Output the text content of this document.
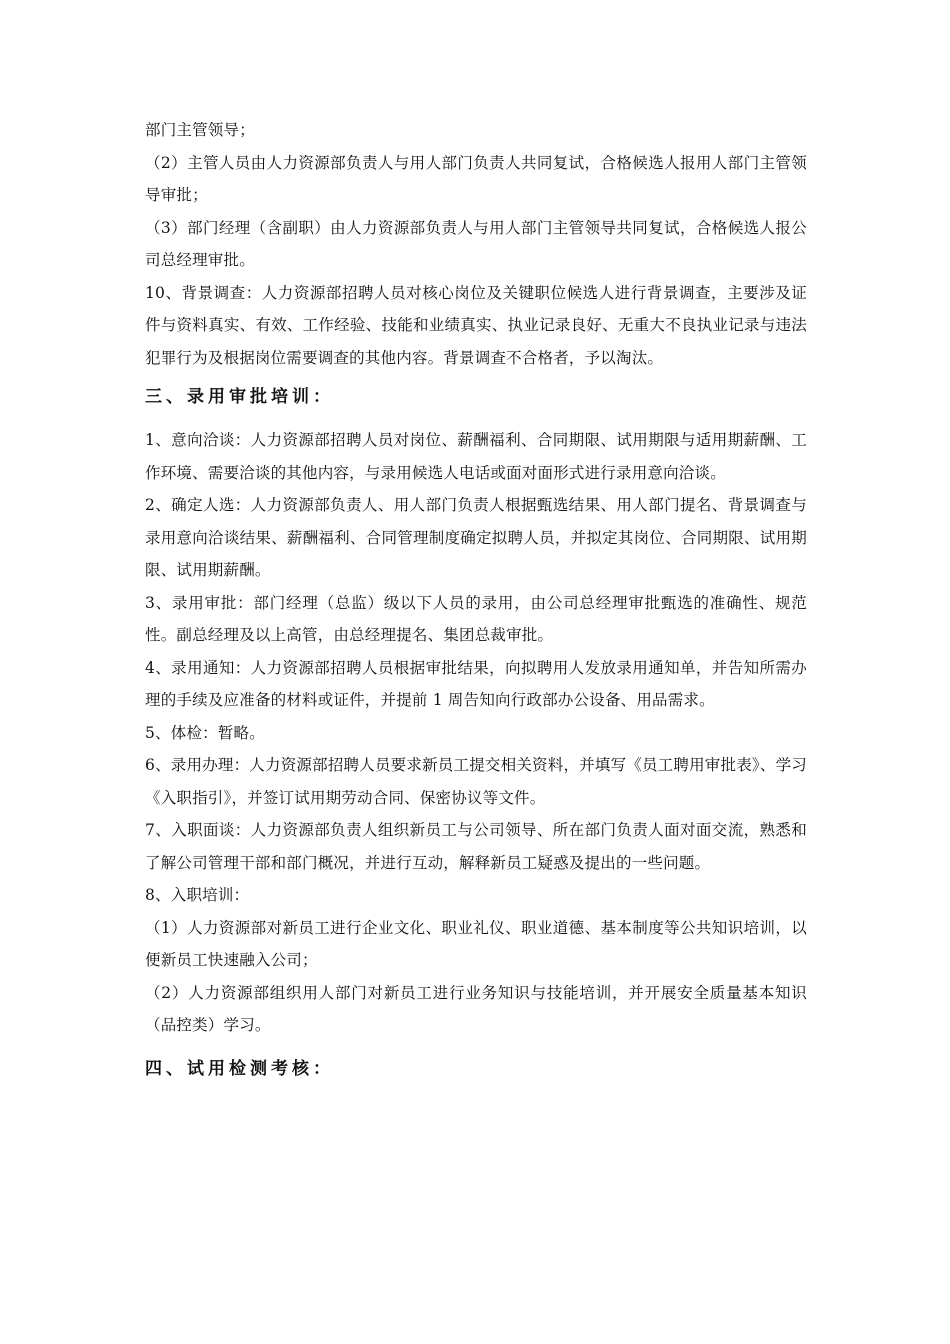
部门主管领导；

（2）主管人员由人力资源部负责人与用人部门负责人共同复试，合格候选人报用人部门主管领导审批；

（3）部门经理（含副职）由人力资源部负责人与用人部门主管领导共同复试，合格候选人报公司总经理审批。

10、背景调查：人力资源部招聘人员对核心岗位及关键职位候选人进行背景调查，主要涉及证件与资料真实、有效、工作经验、技能和业绩真实、执业记录良好、无重大不良执业记录与违法犯罪行为及根据岗位需要调查的其他内容。背景调查不合格者，予以淘汰。

三、录用审批培训：

1、意向洽谈：人力资源部招聘人员对岗位、薪酬福利、合同期限、试用期限与适用期薪酬、工作环境、需要洽谈的其他内容，与录用候选人电话或面对面形式进行录用意向洽谈。

2、确定人选：人力资源部负责人、用人部门负责人根据甄选结果、用人部门提名、背景调查与录用意向洽谈结果、薪酬福利、合同管理制度确定拟聘人员，并拟定其岗位、合同期限、试用期限、试用期薪酬。

3、录用审批：部门经理（总监）级以下人员的录用，由公司总经理审批甄选的准确性、规范性。副总经理及以上高管，由总经理提名、集团总裁审批。

4、录用通知：人力资源部招聘人员根据审批结果，向拟聘用人发放录用通知单，并告知所需办理的手续及应准备的材料或证件，并提前 1 周告知向行政部办公设备、用品需求。

5、体检：暂略。

6、录用办理：人力资源部招聘人员要求新员工提交相关资料，并填写《员工聘用审批表》、学习《入职指引》，并签订试用期劳动合同、保密协议等文件。

7、入职面谈：人力资源部负责人组织新员工与公司领导、所在部门负责人面对面交流，熟悉和了解公司管理干部和部门概况，并进行互动，解释新员工疑惑及提出的一些问题。

8、入职培训：

（1）人力资源部对新员工进行企业文化、职业礼仪、职业道德、基本制度等公共知识培训，以便新员工快速融入公司；

（2）人力资源部组织用人部门对新员工进行业务知识与技能培训，并开展安全质量基本知识（品控类）学习。

四、试用检测考核：
